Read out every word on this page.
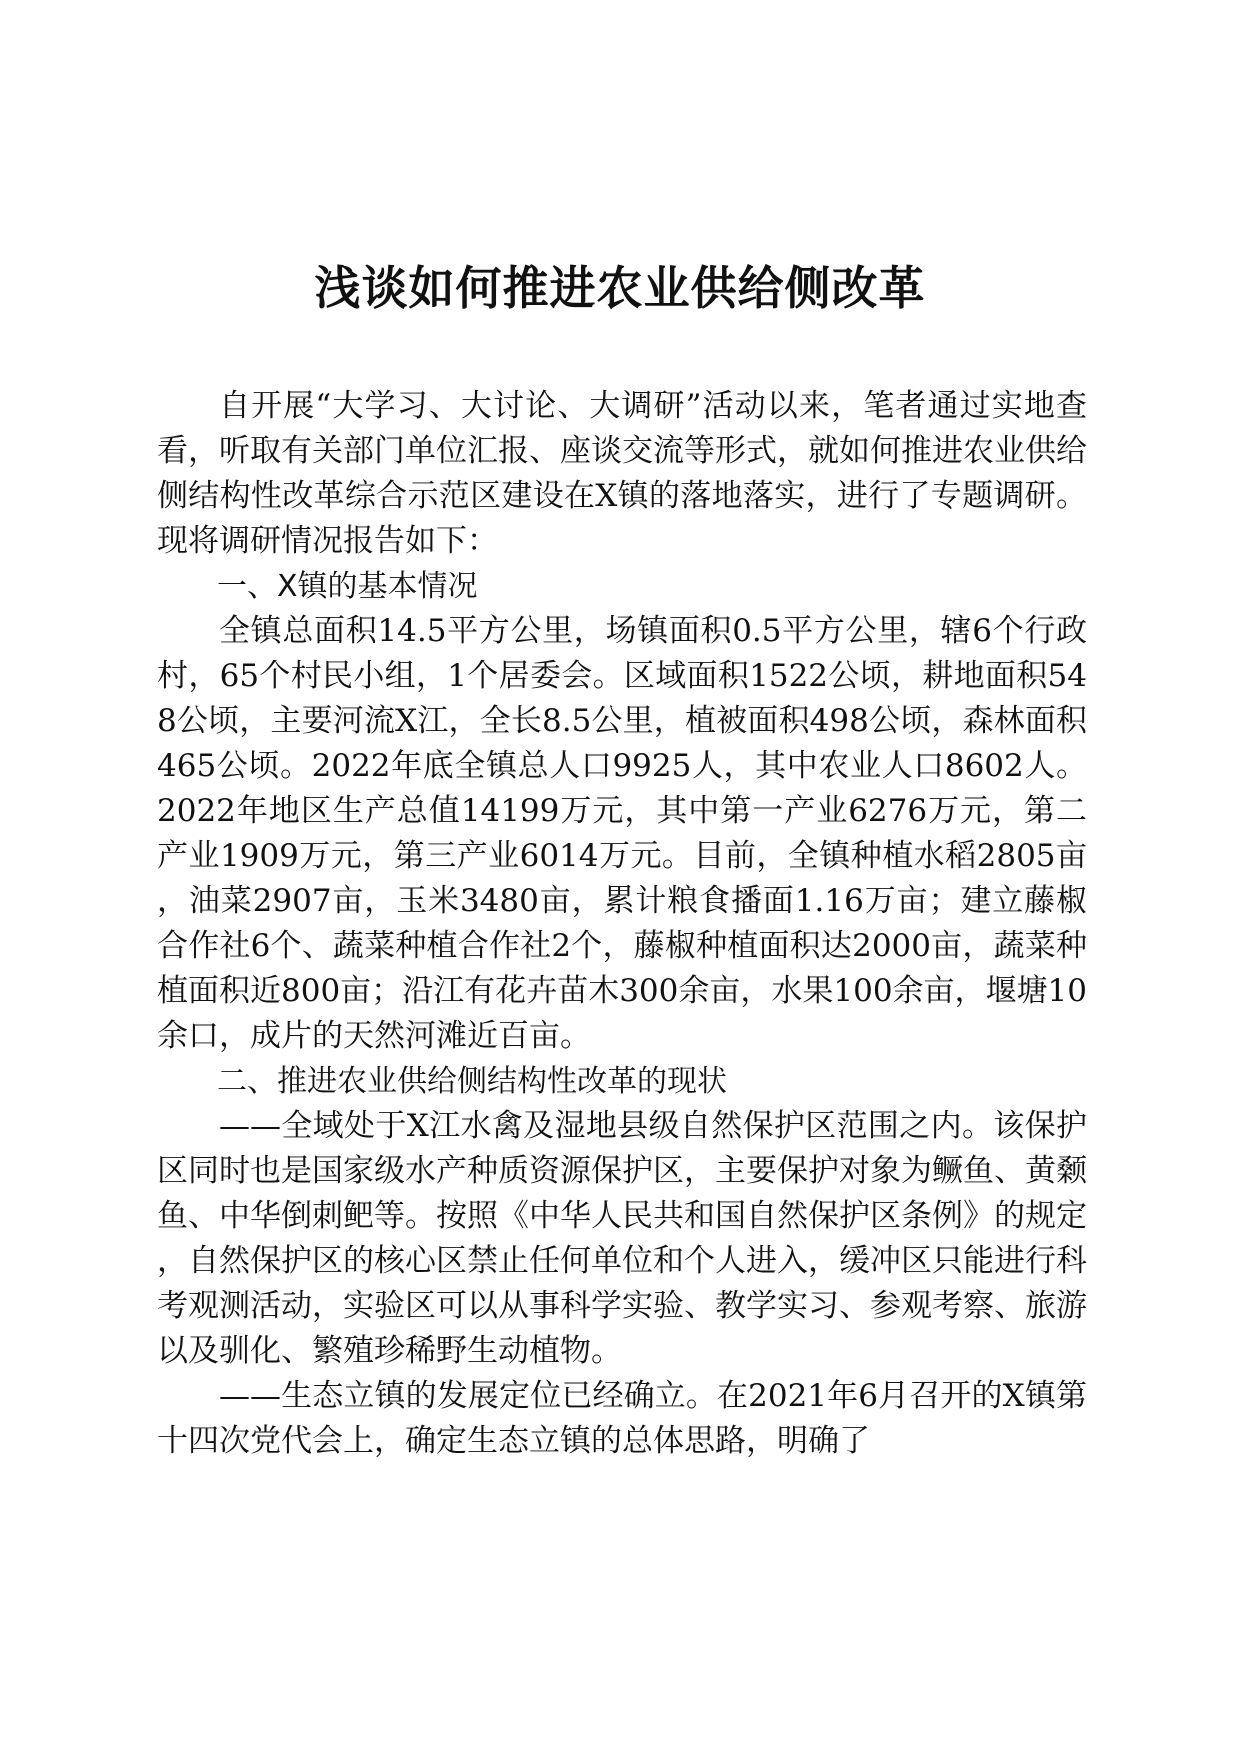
浅谈如何推进农业供给侧改革

自开展“大学习、大讨论、大调研”活动以来，笔者通过实地查看，听取有关部门单位汇报、座谈交流等形式，就如何推进农业供给侧结构性改革综合示范区建设在X镇的落地落实，进行了专题调研。现将调研情况报告如下：

一、X镇的基本情况

全镇总面积14.5平方公里，场镇面积0.5平方公里，辖6个行政村，65个村民小组，1个居委会。区域面积1522公顷，耕地面积548公顷，主要河流X江，全长8.5公里，植被面积498公顷，森林面积465公顷。2022年底全镇总人口9925人，其中农业人口8602人。2022年地区生产总值14199万元，其中第一产业6276万元，第二产业1909万元，第三产业6014万元。目前，全镇种植水稻2805亩，油菜2907亩，玉米3480亩，累计粮食播面1.16万亩；建立藤椒合作社6个、蔬菜种植合作社2个，藤椒种植面积达2000亩，蔬菜种植面积近800亩；沿江有花卉苗木300余亩，水果100余亩，堰塘10余口，成片的天然河滩近百亩。

二、推进农业供给侧结构性改革的现状

——全域处于X江水禽及湿地县级自然保护区范围之内。该保护区同时也是国家级水产种质资源保护区，主要保护对象为鳜鱼、黄颡鱼、中华倒刺鲃等。按照《中华人民共和国自然保护区条例》的规定，自然保护区的核心区禁止任何单位和个人进入，缓冲区只能进行科考观测活动，实验区可以从事科学实验、教学实习、参观考察、旅游以及驯化、繁殖珍稀野生动植物。

——生态立镇的发展定位已经确立。在2021年6月召开的X镇第十四次党代会上，确定生态立镇的总体思路，明确了
